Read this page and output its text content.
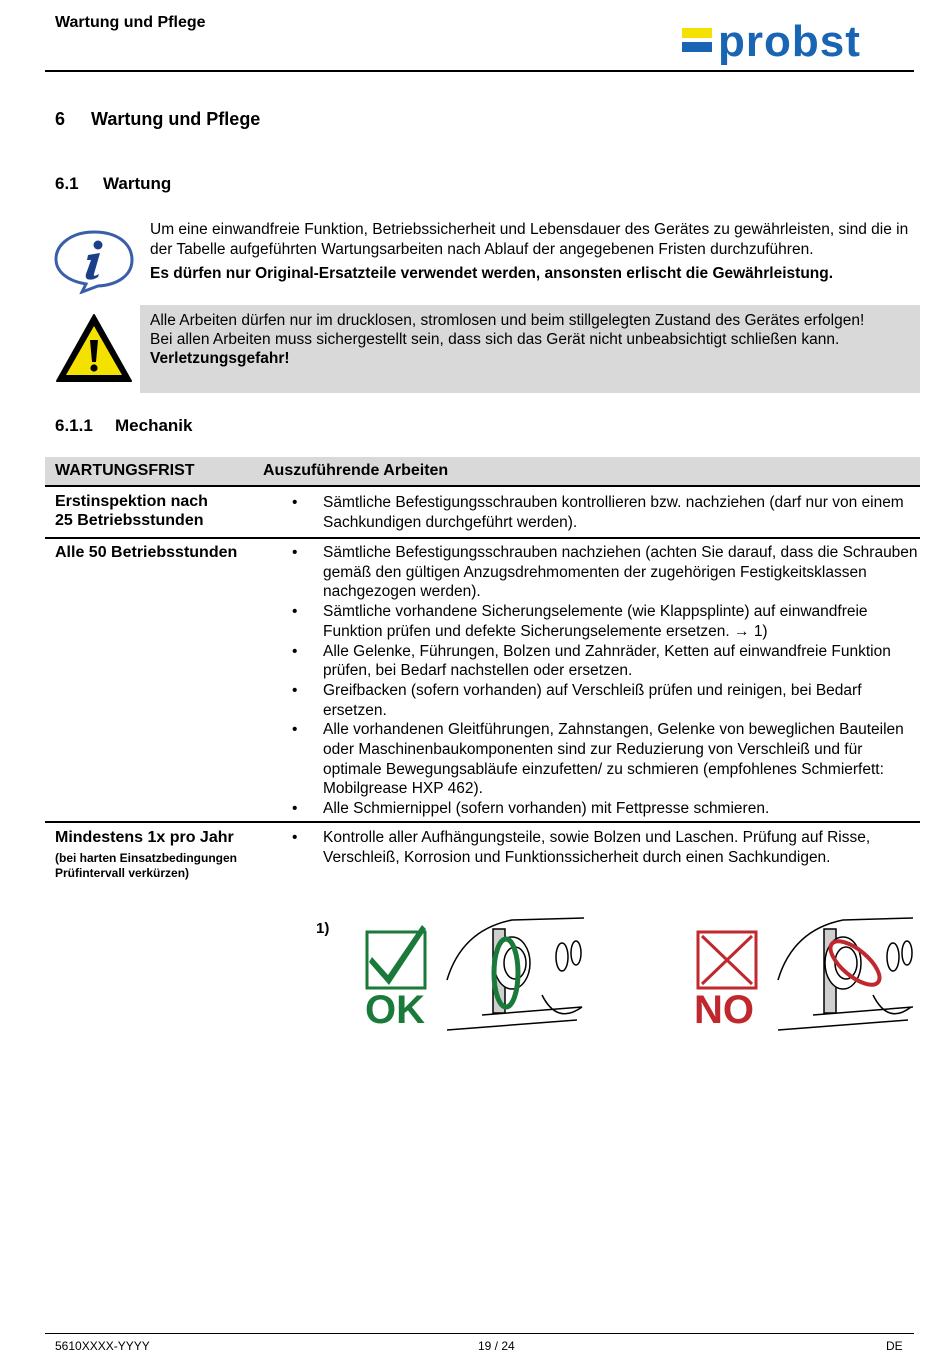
Wartung und Pflege	probst
6 Wartung und Pflege
6.1 Wartung
Um eine einwandfreie Funktion, Betriebssicherheit und Lebensdauer des Gerätes zu gewährleisten, sind die in der Tabelle aufgeführten Wartungsarbeiten nach Ablauf der angegebenen Fristen durchzuführen.
Es dürfen nur Original-Ersatzteile verwendet werden, ansonsten erlischt die Gewährleistung.
Alle Arbeiten dürfen nur im drucklosen, stromlosen und beim stillgelegten Zustand des Gerätes erfolgen!
Bei allen Arbeiten muss sichergestellt sein, dass sich das Gerät nicht unbeabsichtigt schließen kann.
Verletzungsgefahr!
6.1.1 Mechanik
WARTUNGSFRIST	Auszuführende Arbeiten
Erstinspektion nach
25 Betriebsstunden
• Sämtliche Befestigungsschrauben kontrollieren bzw. nachziehen (darf nur von einem Sachkundigen durchgeführt werden).
Alle 50 Betriebsstunden
•	Sämtliche Befestigungsschrauben nachziehen (achten Sie darauf, dass die Schrauben gemäß den gültigen Anzugsdrehmomenten der zugehörigen Festigkeitsklassen nachgezogen werden).
• Sämtliche vorhandene Sicherungselemente (wie Klappsplinte) auf einwandfreie Funktion prüfen und defekte Sicherungselemente ersetzen. → 1)
• Alle Gelenke, Führungen, Bolzen und Zahnräder, Ketten auf einwandfreie Funktion prüfen, bei Bedarf nachstellen oder ersetzen.
• Greifbacken (sofern vorhanden) auf Verschleiß prüfen und reinigen, bei Bedarf ersetzen.
• Alle vorhandenen Gleitführungen, Zahnstangen, Gelenke von beweglichen Bauteilen oder Maschinenbaukomponenten sind zur Reduzierung von Verschleiß und für optimale Bewegungsabläufe einzufetten/ zu schmieren (empfohlenes Schmierfett: Mobilgrease HXP 462).
• Alle Schmiernippel (sofern vorhanden) mit Fettpresse schmieren.
Mindestens 1x pro Jahr
(bei harten Einsatzbedingungen Prüfintervall verkürzen)
• Kontrolle aller Aufhängungsteile, sowie Bolzen und Laschen. Prüfung auf Risse, Verschleiß, Korrosion und Funktionssicherheit durch einen Sachkundigen.
1)
OK	NO
5610XXXX-YYYY	19 / 24	DE
